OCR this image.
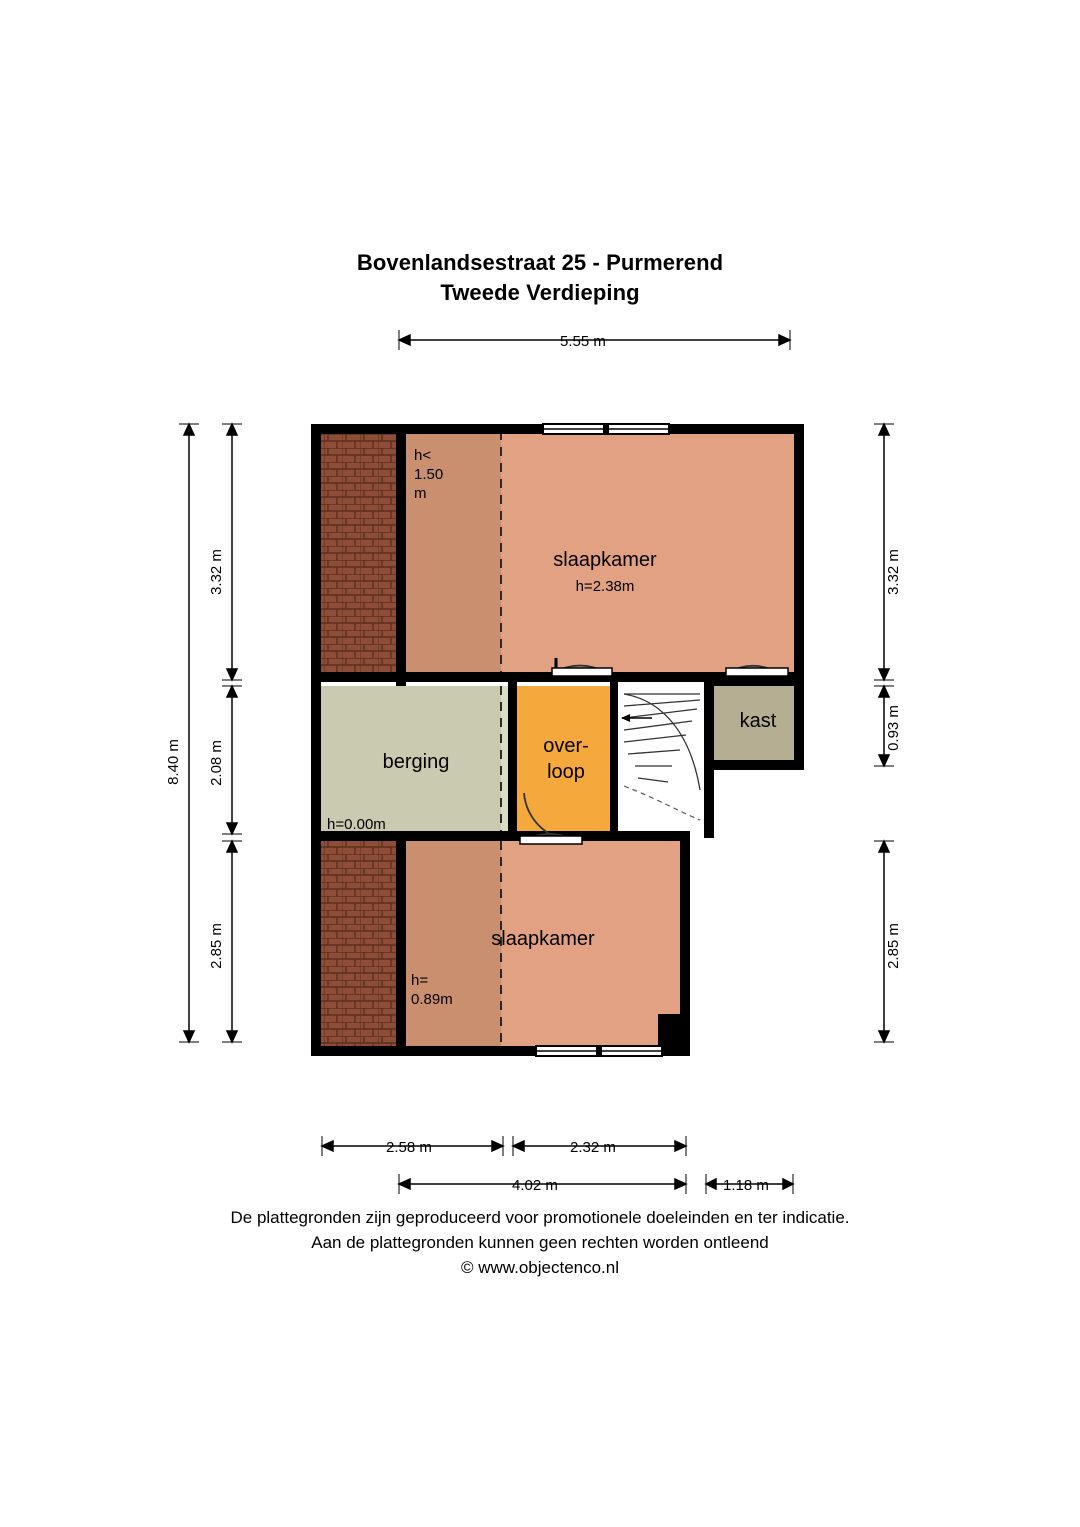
Bovenlandsestraat 25 - Purmerend
Tweede Verdieping
5.55 m
8.40 m
3.32 m
2.08 m
2.85 m
3.32 m
0.93 m
2.85 m
2.58 m	2.32 m
4.02 m	1.18 m
slaapkamer
h=2.38m
h<
1.50
m
berging
h=0.00m
over-
loop
kast
slaapkamer
h=
0.89m
De plattegronden zijn geproduceerd voor promotionele doeleinden en ter indicatie.
Aan de plattegronden kunnen geen rechten worden ontleend
© www.objectenco.nl
